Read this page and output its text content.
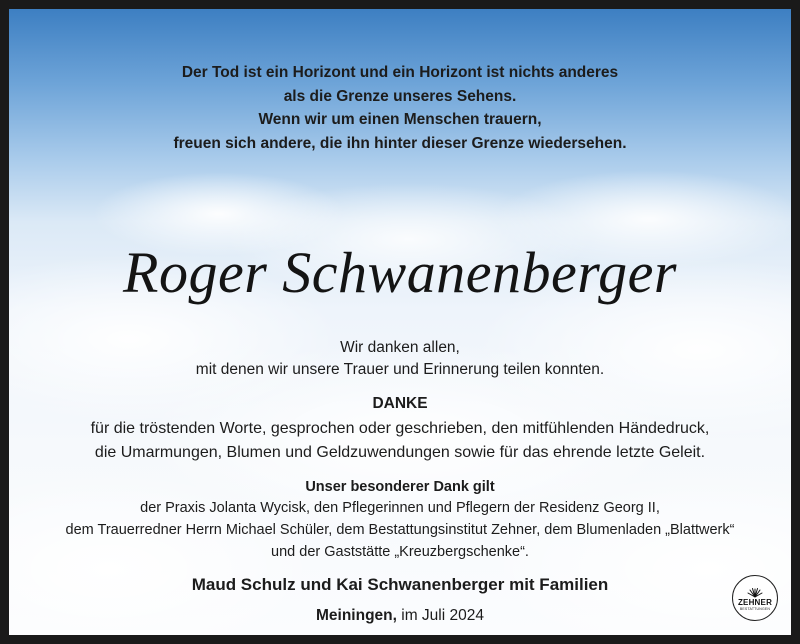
Der Tod ist ein Horizont und ein Horizont ist nichts anderes
als die Grenze unseres Sehens.
Wenn wir um einen Menschen trauern,
freuen sich andere, die ihn hinter dieser Grenze wiedersehen.
Roger Schwanenberger
Wir danken allen,
mit denen wir unsere Trauer und Erinnerung teilen konnten.
DANKE
für die tröstenden Worte, gesprochen oder geschrieben, den mitfühlenden Händedruck,
die Umarmungen, Blumen und Geldzuwendungen sowie für das ehrende letzte Geleit.
Unser besonderer Dank gilt
der Praxis Jolanta Wycisk, den Pflegerinnen und Pflegern der Residenz Georg II,
dem Trauerredner Herrn Michael Schüler, dem Bestattungsinstitut Zehner, dem Blumenladen „Blattwerk“
und der Gaststätte „Kreuzbergschenke“.
Maud Schulz und Kai Schwanenberger mit Familien
Meiningen, im Juli 2024
ZEHNER
BESTATTUNGEN
